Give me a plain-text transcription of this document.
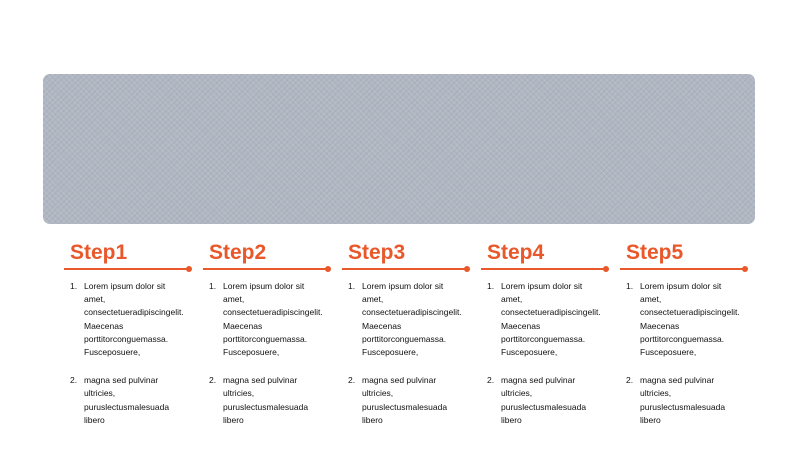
Step1
1. Lorem ipsum dolor sit
amet,
consectetueradipiscingelit.
Maecenas
porttitorconguemassa.
Fusceposuere,
2. magna sed pulvinar
ultricies,
puruslectusmalesuada
libero
Step2
1. Lorem ipsum dolor sit
amet,
consectetueradipiscingelit.
Maecenas
porttitorconguemassa.
Fusceposuere,
2. magna sed pulvinar
ultricies,
puruslectusmalesuada
libero
Step3
1. Lorem ipsum dolor sit
amet,
consectetueradipiscingelit.
Maecenas
porttitorconguemassa.
Fusceposuere,
2. magna sed pulvinar
ultricies,
puruslectusmalesuada
libero
Step4
1. Lorem ipsum dolor sit
amet,
consectetueradipiscingelit.
Maecenas
porttitorconguemassa.
Fusceposuere,
2. magna sed pulvinar
ultricies,
puruslectusmalesuada
libero
Step5
1. Lorem ipsum dolor sit
amet,
consectetueradipiscingelit.
Maecenas
porttitorconguemassa.
Fusceposuere,
2. magna sed pulvinar
ultricies,
puruslectusmalesuada
libero
